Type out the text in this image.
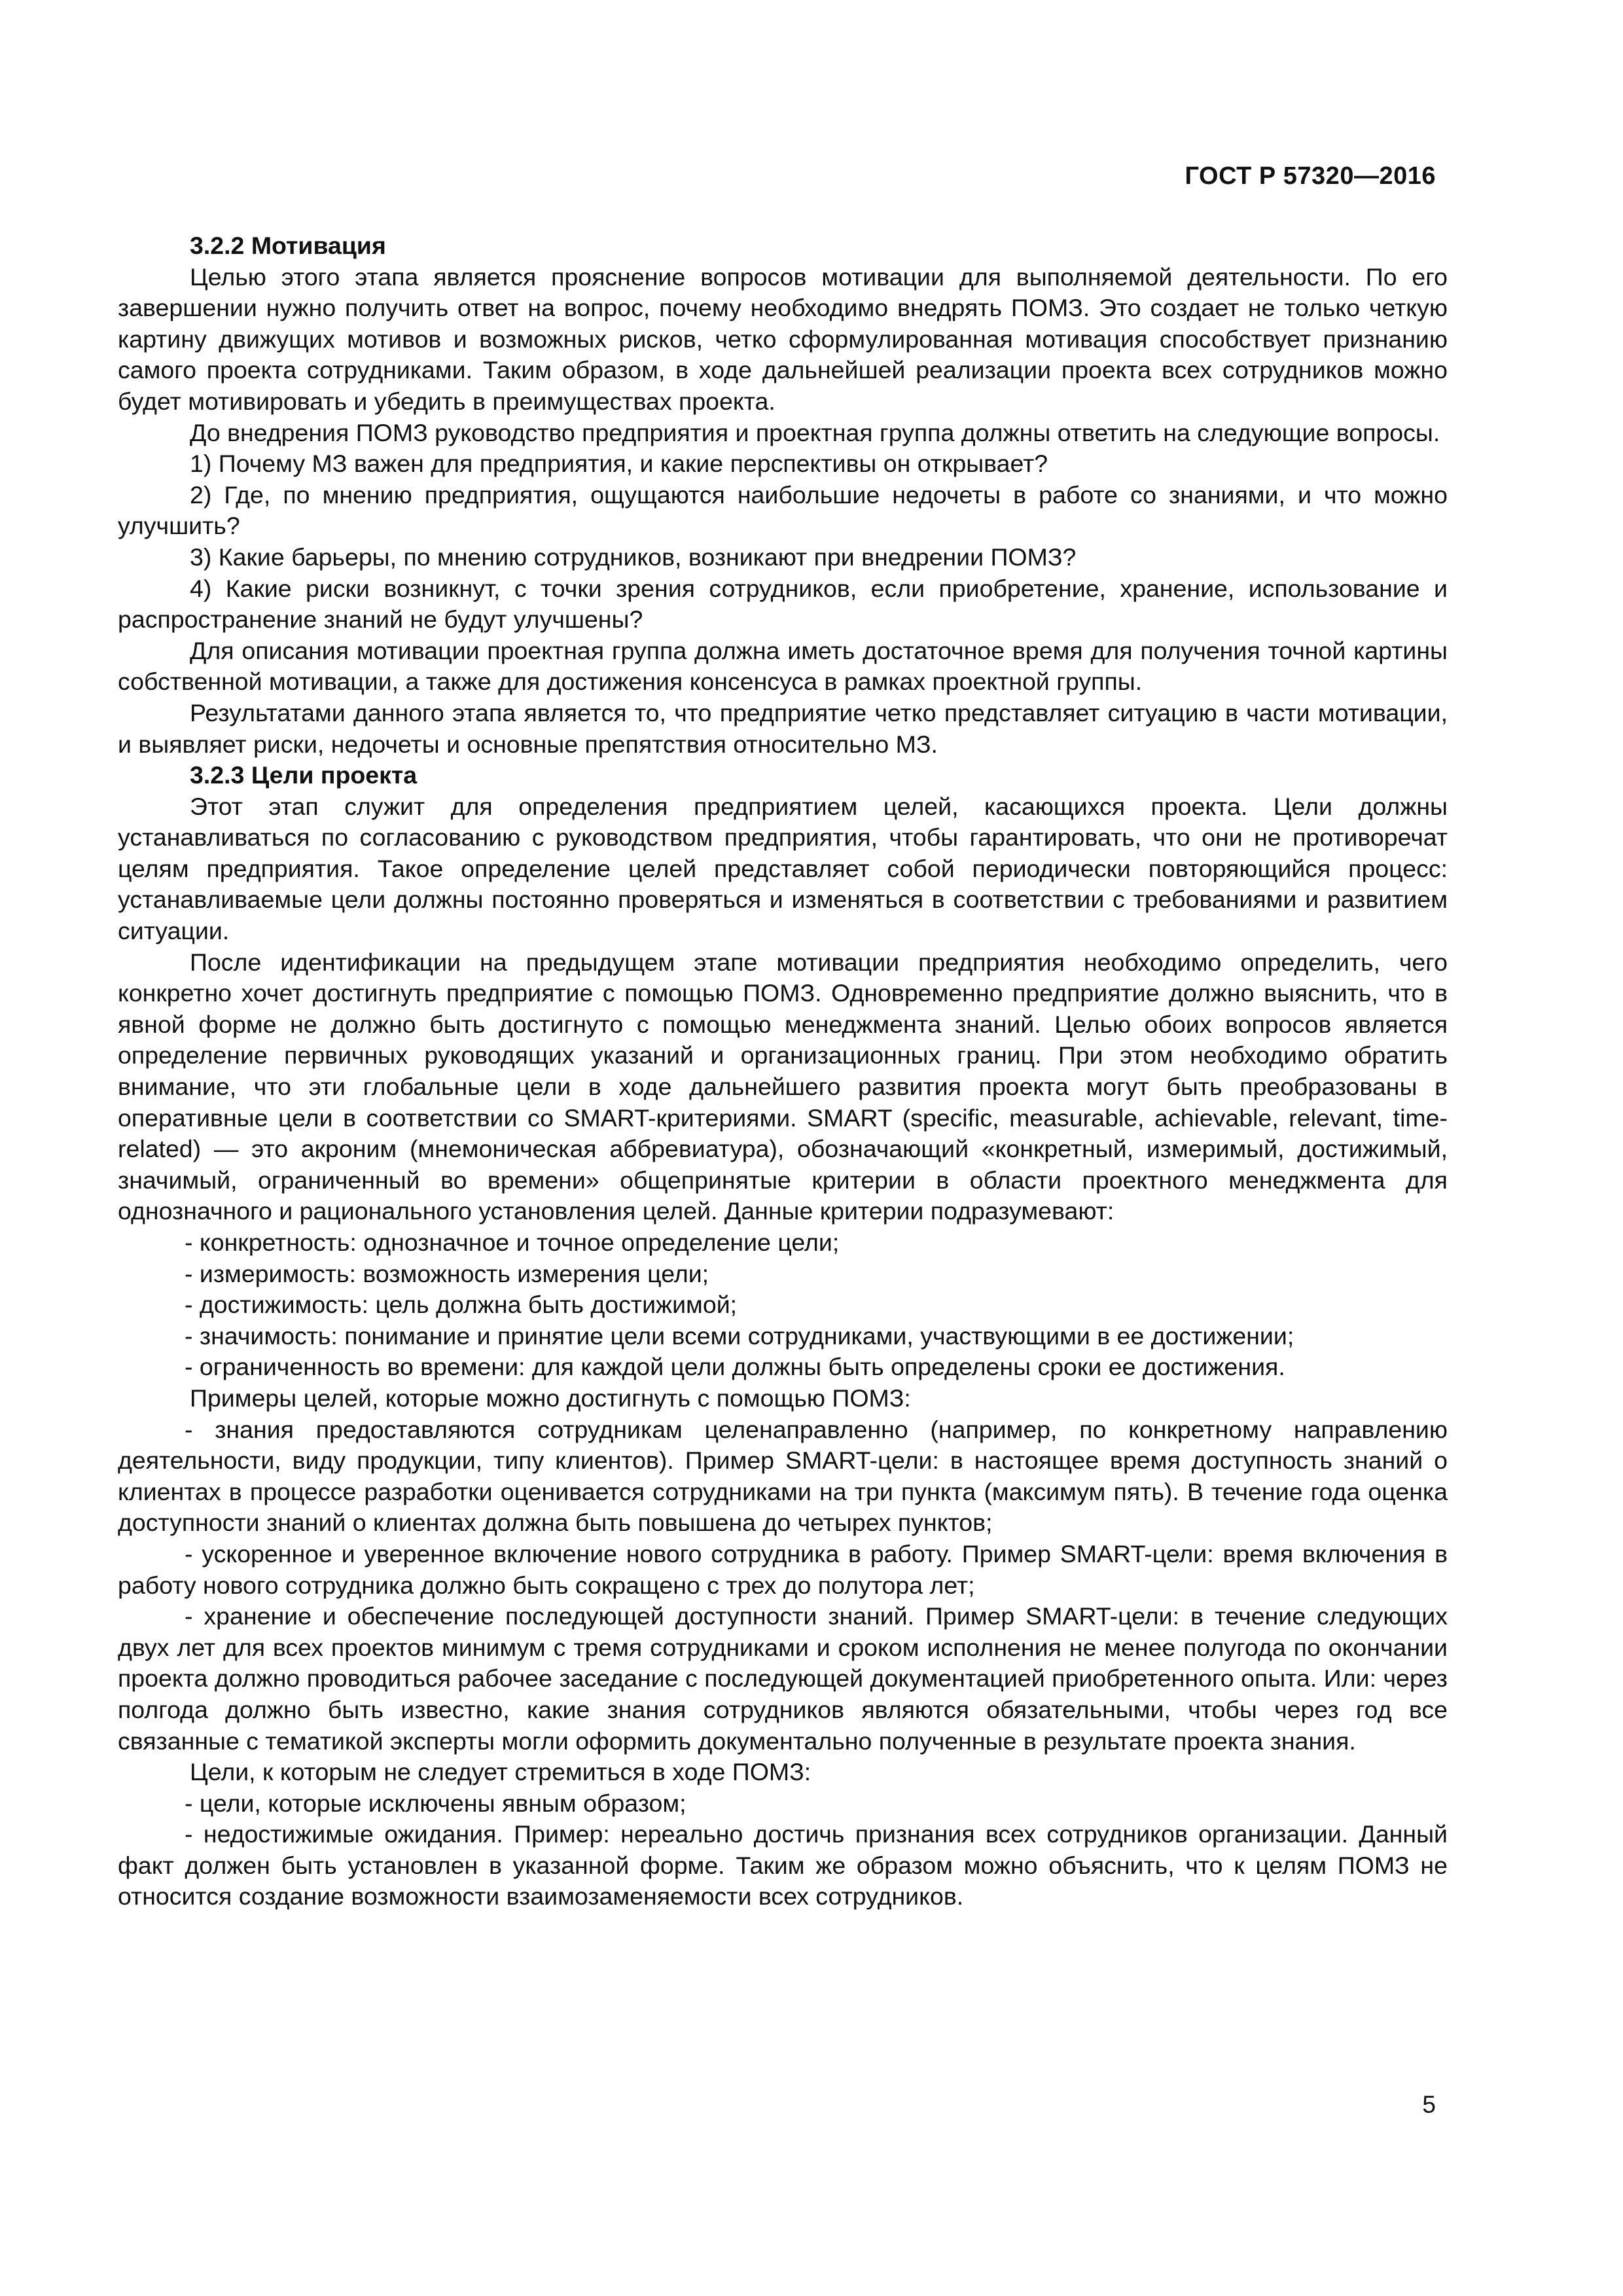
ГОСТ Р 57320—2016

3.2.2 Мотивация

Целью этого этапа является прояснение вопросов мотивации для выполняемой деятельности. По его завершении нужно получить ответ на вопрос, почему необходимо внедрять ПОМЗ. Это создает не только четкую картину движущих мотивов и возможных рисков, четко сформулированная мотивация способствует признанию самого проекта сотрудниками. Таким образом, в ходе дальнейшей реализации проекта всех сотрудников можно будет мотивировать и убедить в преимуществах проекта.

До внедрения ПОМЗ руководство предприятия и проектная группа должны ответить на следующие вопросы.

1) Почему МЗ важен для предприятия, и какие перспективы он открывает?

2) Где, по мнению предприятия, ощущаются наибольшие недочеты в работе со знаниями, и что можно улучшить?

3) Какие барьеры, по мнению сотрудников, возникают при внедрении ПОМЗ?

4) Какие риски возникнут, с точки зрения сотрудников, если приобретение, хранение, использование и распространение знаний не будут улучшены?

Для описания мотивации проектная группа должна иметь достаточное время для получения точной картины собственной мотивации, а также для достижения консенсуса в рамках проектной группы.

Результатами данного этапа является то, что предприятие четко представляет ситуацию в части мотивации, и выявляет риски, недочеты и основные препятствия относительно МЗ.

3.2.3 Цели проекта

Этот этап служит для определения предприятием целей, касающихся проекта. Цели должны устанавливаться по согласованию с руководством предприятия, чтобы гарантировать, что они не противоречат целям предприятия. Такое определение целей представляет собой периодически повторяющийся процесс: устанавливаемые цели должны постоянно проверяться и изменяться в соответствии с требованиями и развитием ситуации.

После идентификации на предыдущем этапе мотивации предприятия необходимо определить, чего конкретно хочет достигнуть предприятие с помощью ПОМЗ. Одновременно предприятие должно выяснить, что в явной форме не должно быть достигнуто с помощью менеджмента знаний. Целью обоих вопросов является определение первичных руководящих указаний и организационных границ. При этом необходимо обратить внимание, что эти глобальные цели в ходе дальнейшего развития проекта могут быть преобразованы в оперативные цели в соответствии со SMART-критериями. SMART (specific, measurable, achievable, relevant, time-related) — это акроним (мнемоническая аббревиатура), обозначающий «конкретный, измеримый, достижимый, значимый, ограниченный во времени» общепринятые критерии в области проектного менеджмента для однозначного и рационального установления целей. Данные критерии подразумевают:

- конкретность: однозначное и точное определение цели;

- измеримость: возможность измерения цели;

- достижимость: цель должна быть достижимой;

- значимость: понимание и принятие цели всеми сотрудниками, участвующими в ее достижении;

- ограниченность во времени: для каждой цели должны быть определены сроки ее достижения.

Примеры целей, которые можно достигнуть с помощью ПОМЗ:

- знания предоставляются сотрудникам целенаправленно (например, по конкретному направлению деятельности, виду продукции, типу клиентов). Пример SMART-цели: в настоящее время доступность знаний о клиентах в процессе разработки оценивается сотрудниками на три пункта (максимум пять). В течение года оценка доступности знаний о клиентах должна быть повышена до четырех пунктов;

- ускоренное и уверенное включение нового сотрудника в работу. Пример SMART-цели: время включения в работу нового сотрудника должно быть сокращено с трех до полутора лет;

- хранение и обеспечение последующей доступности знаний. Пример SMART-цели: в течение следующих двух лет для всех проектов минимум с тремя сотрудниками и сроком исполнения не менее полугода по окончании проекта должно проводиться рабочее заседание с последующей документацией приобретенного опыта. Или: через полгода должно быть известно, какие знания сотрудников являются обязательными, чтобы через год все связанные с тематикой эксперты могли оформить документально полученные в результате проекта знания.

Цели, к которым не следует стремиться в ходе ПОМЗ:

- цели, которые исключены явным образом;

- недостижимые ожидания. Пример: нереально достичь признания всех сотрудников организации. Данный факт должен быть установлен в указанной форме. Таким же образом можно объяснить, что к целям ПОМЗ не относится создание возможности взаимозаменяемости всех сотрудников.

5
